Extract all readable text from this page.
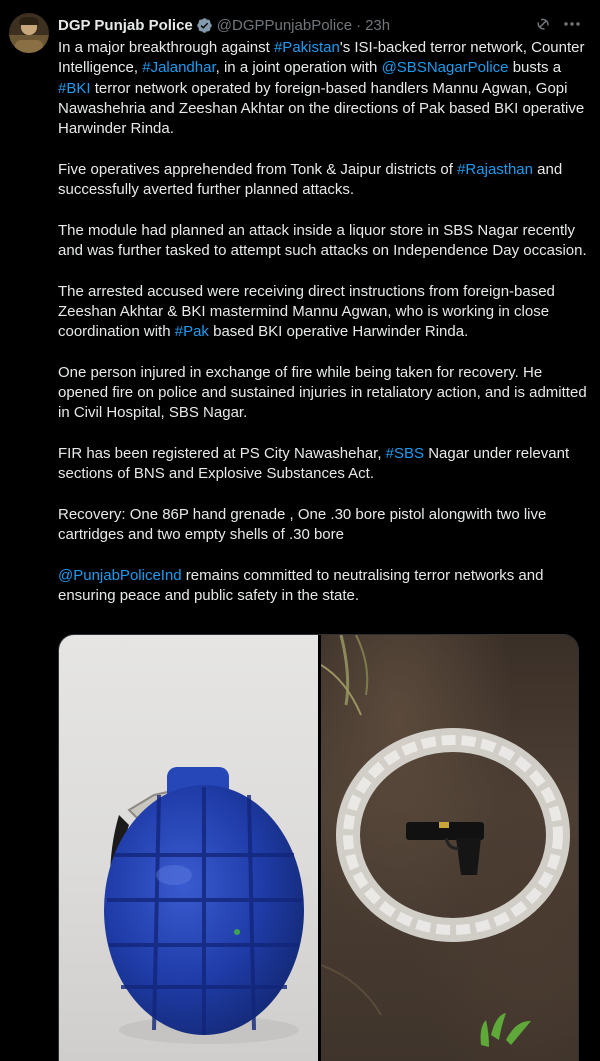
DGP Punjab Police @DGPPunjabPolice · 23h

In a major breakthrough against #Pakistan's ISI-backed terror network, Counter Intelligence, #Jalandhar, in a joint operation with @SBSNagarPolice busts a #BKI terror network operated by foreign-based handlers Mannu Agwan, Gopi Nawashehria and Zeeshan Akhtar on the directions of Pak based BKI operative Harwinder Rinda.

Five operatives apprehended from Tonk & Jaipur districts of #Rajasthan and successfully averted further planned attacks.

The module had planned an attack inside a liquor store in SBS Nagar recently and was further tasked to attempt such attacks on Independence Day occasion.

The arrested accused were receiving direct instructions from foreign-based Zeeshan Akhtar & BKI mastermind Mannu Agwan, who is working in close coordination with #Pak based BKI operative Harwinder Rinda.

One person injured in exchange of fire while being taken for recovery. He opened fire on police and sustained injuries in retaliatory action, and is admitted in Civil Hospital, SBS Nagar.

FIR has been registered at PS City Nawashehar, #SBS Nagar under relevant sections of BNS and Explosive Substances Act.

Recovery: One 86P hand grenade , One .30 bore pistol alongwith two live cartridges and two empty shells of .30 bore

@PunjabPoliceInd remains committed to neutralising terror networks and ensuring peace and public safety in the state.
